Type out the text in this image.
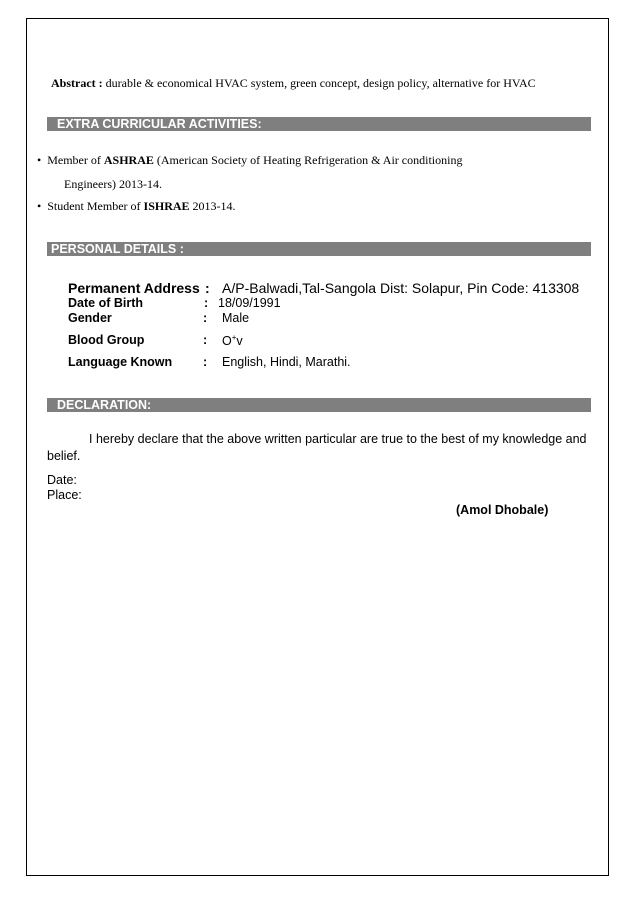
Abstract : durable & economical HVAC system, green concept, design policy, alternative for HVAC
EXTRA CURRICULAR ACTIVITIES:
• Member of ASHRAE (American Society of Heating Refrigeration & Air conditioning
Engineers) 2013-14.
• Student Member of ISHRAE 2013-14.
PERSONAL DETAILS :
Permanent Address : A/P-Balwadi,Tal-Sangola Dist: Solapur, Pin Code: 413308
Date of Birth	: 18/09/1991
Gender	: Male
Blood Group	: O+v
Language Known : English, Hindi, Marathi.
DECLARATION:
I hereby declare that the above written particular are true to the best of my knowledge and belief.
Date:
Place:
(Amol Dhobale)
